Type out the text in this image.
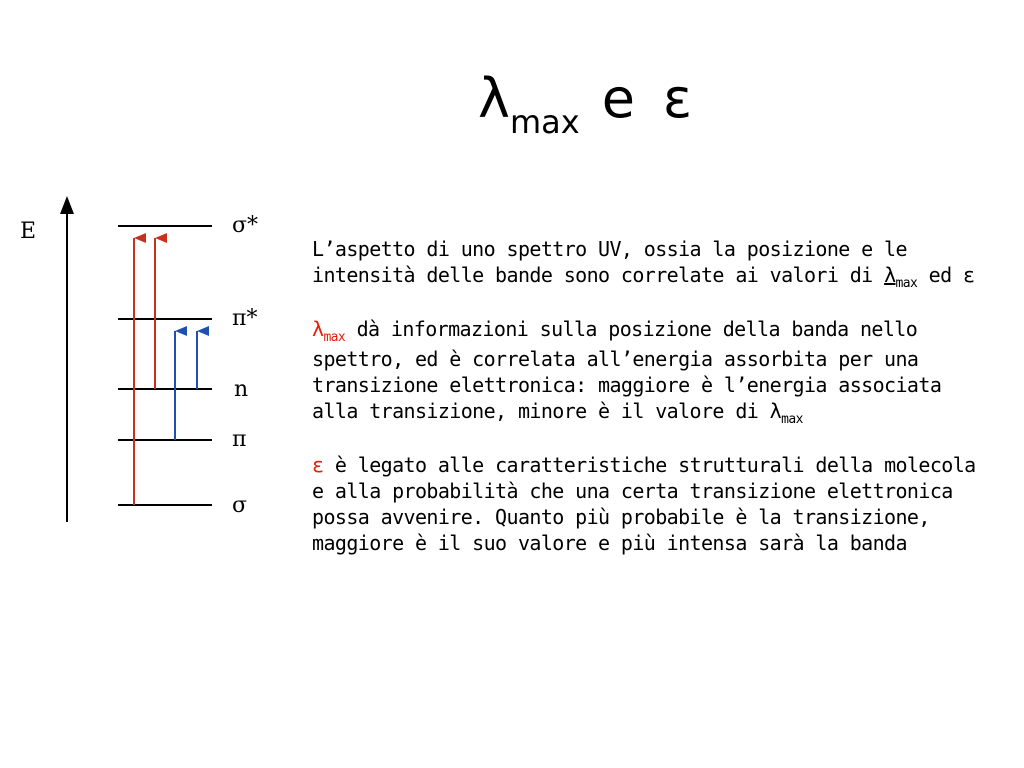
$\lambda_{max}$ e ε
E	σ*
π*
n
π
σ

L’aspetto di uno spettro UV, ossia la posizione e le intensità delle bande sono correlate ai valori di $\lambda_{max}$ ed ε

$\lambda_{max}$ dà informazioni sulla posizione della banda nello spettro, ed è correlata all’energia assorbita per una transizione elettronica: maggiore è l’energia associata alla transizione, minore è il valore di $\lambda_{max}$

ε è legato alle caratteristiche strutturali della molecola e alla probabilità che una certa transizione elettronica possa avvenire. Quanto più probabile è la transizione, maggiore è il suo valore e più intensa sarà la banda
